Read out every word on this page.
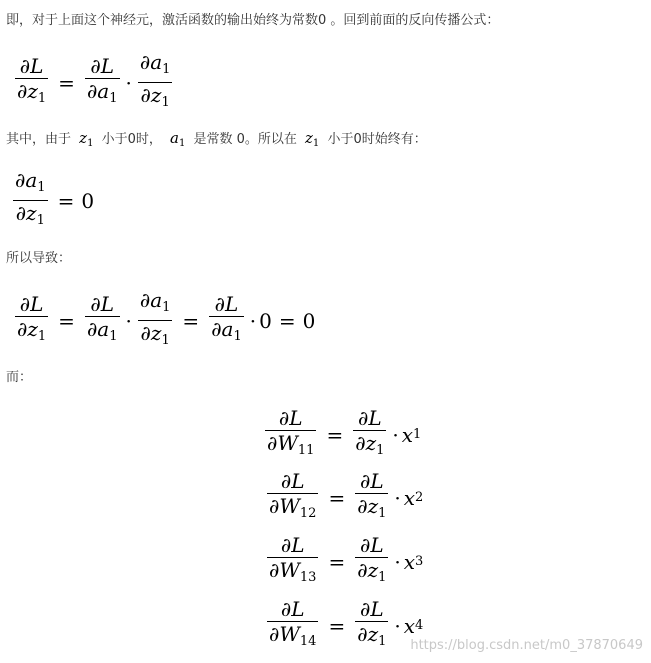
即，对于上面这个神经元，激活函数的输出始终为常数0 。回到前面的反向传播公式：
$\frac{\partial L}{\partial z_1} = \frac{\partial L}{\partial a_1} \cdot \frac{\partial a_1}{\partial z_1}$
其中，由于 $z_1$ 小于0时， $a_1$ 是常数 0。所以在 $z_1$ 小于0时始终有：
$\frac{\partial a_1}{\partial z_1} = 0$
所以导致：
$\frac{\partial L}{\partial z_1} = \frac{\partial L}{\partial a_1} \cdot \frac{\partial a_1}{\partial z_1} = \frac{\partial L}{\partial a_1} \cdot 0 = 0$
而：
$\frac{\partial L}{\partial W_{11}} = \frac{\partial L}{\partial z_1} \cdot x$ 1
$\frac{\partial L}{\partial W_{12}} = \frac{\partial L}{\partial z_1} \cdot x$ 2
$\frac{\partial L}{\partial W_{13}} = \frac{\partial L}{\partial z_1} \cdot x$ 3
$\frac{\partial L}{\partial W_{14}} = \frac{\partial L}{\partial z_1} \cdot x$ 4
https://blog.csdn.net/m0_37870649
